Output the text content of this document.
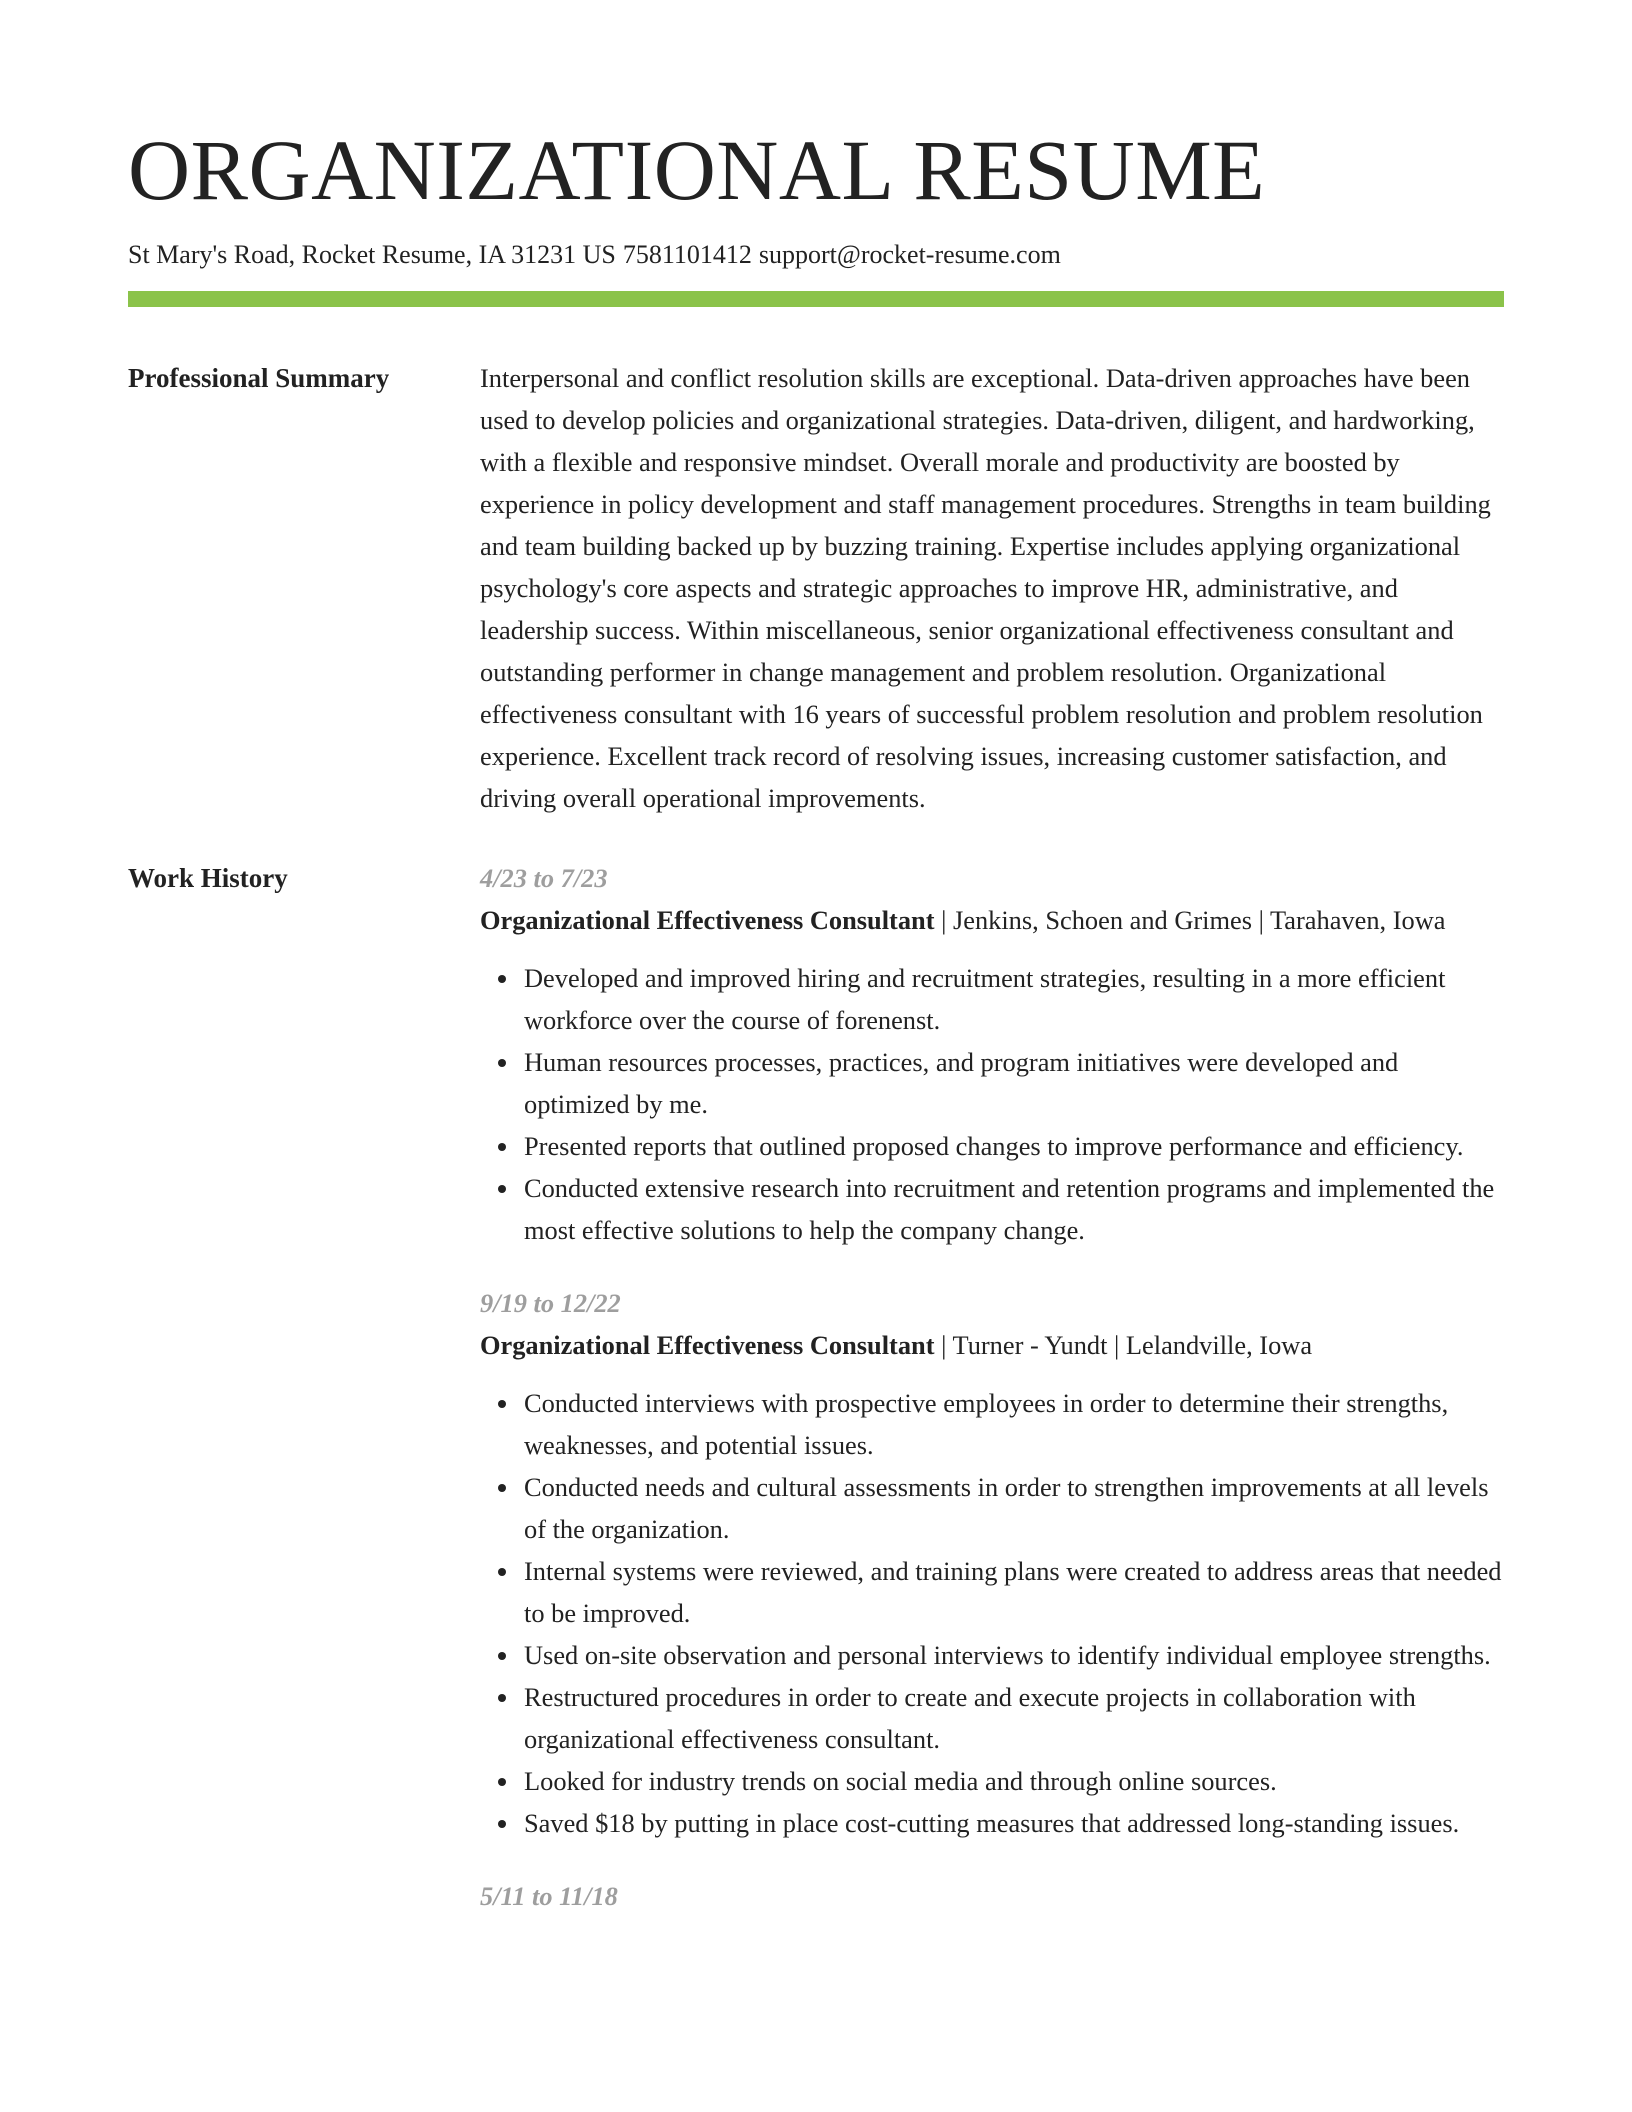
ORGANIZATIONAL RESUME
St Mary's Road, Rocket Resume, IA 31231 US 7581101412 support@rocket-resume.com
Professional Summary	Interpersonal and conflict resolution skills are exceptional. Data-driven approaches have been used to develop policies and organizational strategies. Data-driven, diligent, and hardworking, with a flexible and responsive mindset. Overall morale and productivity are boosted by experience in policy development and staff management procedures. Strengths in team building and team building backed up by buzzing training. Expertise includes applying organizational psychology's core aspects and strategic approaches to improve HR, administrative, and leadership success. Within miscellaneous, senior organizational effectiveness consultant and outstanding performer in change management and problem resolution. Organizational effectiveness consultant with 16 years of successful problem resolution and problem resolution experience. Excellent track record of resolving issues, increasing customer satisfaction, and driving overall operational improvements.

Work History	4/23 to 7/23
Organizational Effectiveness Consultant | Jenkins, Schoen and Grimes | Tarahaven, Iowa
Developed and improved hiring and recruitment strategies, resulting in a more efficient workforce over the course of forenenst.
Human resources processes, practices, and program initiatives were developed and optimized by me.
Presented reports that outlined proposed changes to improve performance and efficiency.
Conducted extensive research into recruitment and retention programs and implemented the most effective solutions to help the company change.
9/19 to 12/22
Organizational Effectiveness Consultant | Turner - Yundt | Lelandville, Iowa
Conducted interviews with prospective employees in order to determine their strengths, weaknesses, and potential issues.
Conducted needs and cultural assessments in order to strengthen improvements at all levels of the organization.
Internal systems were reviewed, and training plans were created to address areas that needed to be improved.
Used on-site observation and personal interviews to identify individual employee strengths.
Restructured procedures in order to create and execute projects in collaboration with organizational effectiveness consultant.
Looked for industry trends on social media and through online sources.
Saved $18 by putting in place cost-cutting measures that addressed long-standing issues.
5/11 to 11/18
